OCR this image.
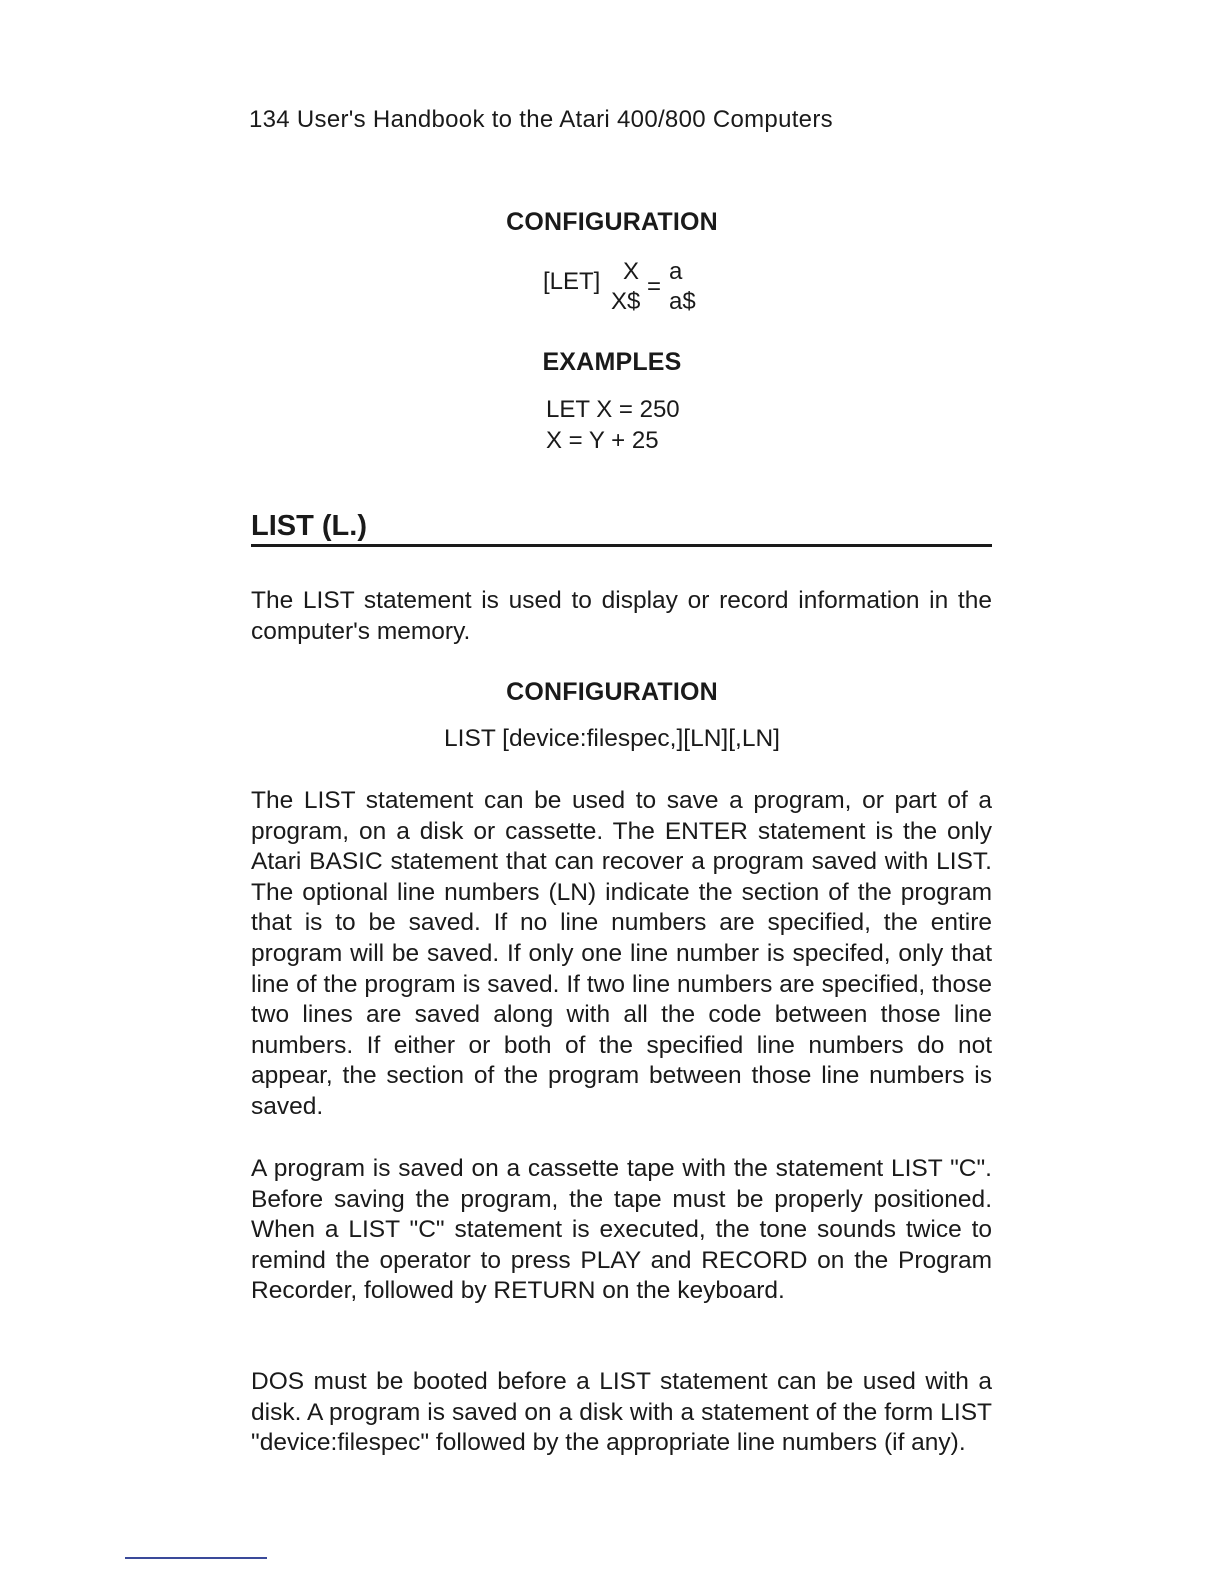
134 User's Handbook to the Atari 400/800 Computers
CONFIGURATION
[LET] X
X$
=
a
a$
EXAMPLES
LET X = 250
X = Y + 25
LIST (L.)

The LIST statement is used to display or record information in the computer's memory.

CONFIGURATION
LIST [device:filespec,][LN][,LN]

The LIST statement can be used to save a program, or part of a program, on a disk or cassette. The ENTER statement is the only Atari BASIC statement that can recover a program saved with LIST. The optional line numbers (LN) indicate the section of the program that is to be saved. If no line numbers are specified, the entire program will be saved. If only one line number is specifed, only that line of the program is saved. If two line numbers are specified, those two lines are saved along with all the code between those line numbers. If either or both of the specified line numbers do not appear, the section of the program between those line numbers is saved.

A program is saved on a cassette tape with the statement LIST "C". Before saving the program, the tape must be properly positioned. When a LIST "C" statement is executed, the tone sounds twice to remind the operator to press PLAY and RECORD on the Program Recorder, followed by RETURN on the keyboard.

DOS must be booted before a LIST statement can be used with a disk. A program is saved on a disk with a statement of the form LIST "device:filespec" followed by the appropriate line numbers (if any).
